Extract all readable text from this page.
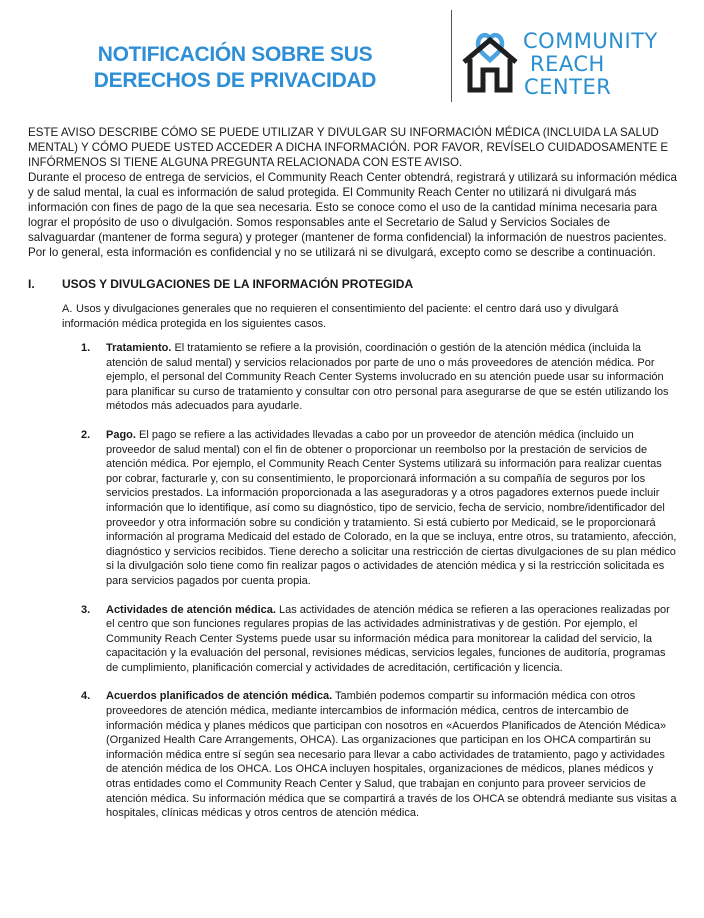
NOTIFICACIÓN SOBRE SUS
DERECHOS DE PRIVACIDAD
COMMUNITY
REACH
CENTER

ESTE AVISO DESCRIBE CÓMO SE PUEDE UTILIZAR Y DIVULGAR SU INFORMACIÓN MÉDICA (INCLUIDA LA SALUD MENTAL) Y CÓMO PUEDE USTED ACCEDER A DICHA INFORMACIÓN. POR FAVOR, REVÍSELO CUIDADOSAMENTE E INFÓRMENOS SI TIENE ALGUNA PREGUNTA RELACIONADA CON ESTE AVISO.

Durante el proceso de entrega de servicios, el Community Reach Center obtendrá, registrará y utilizará su información médica y de salud mental, la cual es información de salud protegida. El Community Reach Center no utilizará ni divulgará más información con fines de pago de la que sea necesaria. Esto se conoce como el uso de la cantidad mínima necesaria para lograr el propósito de uso o divulgación. Somos responsables ante el Secretario de Salud y Servicios Sociales de salvaguardar (mantener de forma segura) y proteger (mantener de forma confidencial) la información de nuestros pacientes. Por lo general, esta información es confidencial y no se utilizará ni se divulgará, excepto como se describe a continuación.

I. USOS Y DIVULGACIONES DE LA INFORMACIÓN PROTEGIDA
A. Usos y divulgaciones generales que no requieren el consentimiento del paciente: el centro dará uso y divulgará información médica protegida en los siguientes casos.
1. Tratamiento. El tratamiento se refiere a la provisión, coordinación o gestión de la atención médica (incluida la atención de salud mental) y servicios relacionados por parte de uno o más proveedores de atención médica. Por ejemplo, el personal del Community Reach Center Systems involucrado en su atención puede usar su información para planificar su curso de tratamiento y consultar con otro personal para asegurarse de que se estén utilizando los métodos más adecuados para ayudarle.
2. Pago. El pago se refiere a las actividades llevadas a cabo por un proveedor de atención médica (incluido un proveedor de salud mental) con el fin de obtener o proporcionar un reembolso por la prestación de servicios de atención médica. Por ejemplo, el Community Reach Center Systems utilizará su información para realizar cuentas por cobrar, facturarle y, con su consentimiento, le proporcionará información a su compañía de seguros por los servicios prestados. La información proporcionada a las aseguradoras y a otros pagadores externos puede incluir información que lo identifique, así como su diagnóstico, tipo de servicio, fecha de servicio, nombre/identificador del proveedor y otra información sobre su condición y tratamiento. Si está cubierto por Medicaid, se le proporcionará información al programa Medicaid del estado de Colorado, en la que se incluya, entre otros, su tratamiento, afección, diagnóstico y servicios recibidos. Tiene derecho a solicitar una restricción de ciertas divulgaciones de su plan médico si la divulgación solo tiene como fin realizar pagos o actividades de atención médica y si la restricción solicitada es para servicios pagados por cuenta propia.
3. Actividades de atención médica. Las actividades de atención médica se refieren a las operaciones realizadas por el centro que son funciones regulares propias de las actividades administrativas y de gestión. Por ejemplo, el Community Reach Center Systems puede usar su información médica para monitorear la calidad del servicio, la capacitación y la evaluación del personal, revisiones médicas, servicios legales, funciones de auditoría, programas de cumplimiento, planificación comercial y actividades de acreditación, certificación y licencia.
4. Acuerdos planificados de atención médica. También podemos compartir su información médica con otros proveedores de atención médica, mediante intercambios de información médica, centros de intercambio de información médica y planes médicos que participan con nosotros en «Acuerdos Planificados de Atención Médica» (Organized Health Care Arrangements, OHCA). Las organizaciones que participan en los OHCA compartirán su información médica entre sí según sea necesario para llevar a cabo actividades de tratamiento, pago y actividades de atención médica de los OHCA. Los OHCA incluyen hospitales, organizaciones de médicos, planes médicos y otras entidades como el Community Reach Center y Salud, que trabajan en conjunto para proveer servicios de atención médica. Su información médica que se compartirá a través de los OHCA se obtendrá mediante sus visitas a hospitales, clínicas médicas y otros centros de atención médica.
